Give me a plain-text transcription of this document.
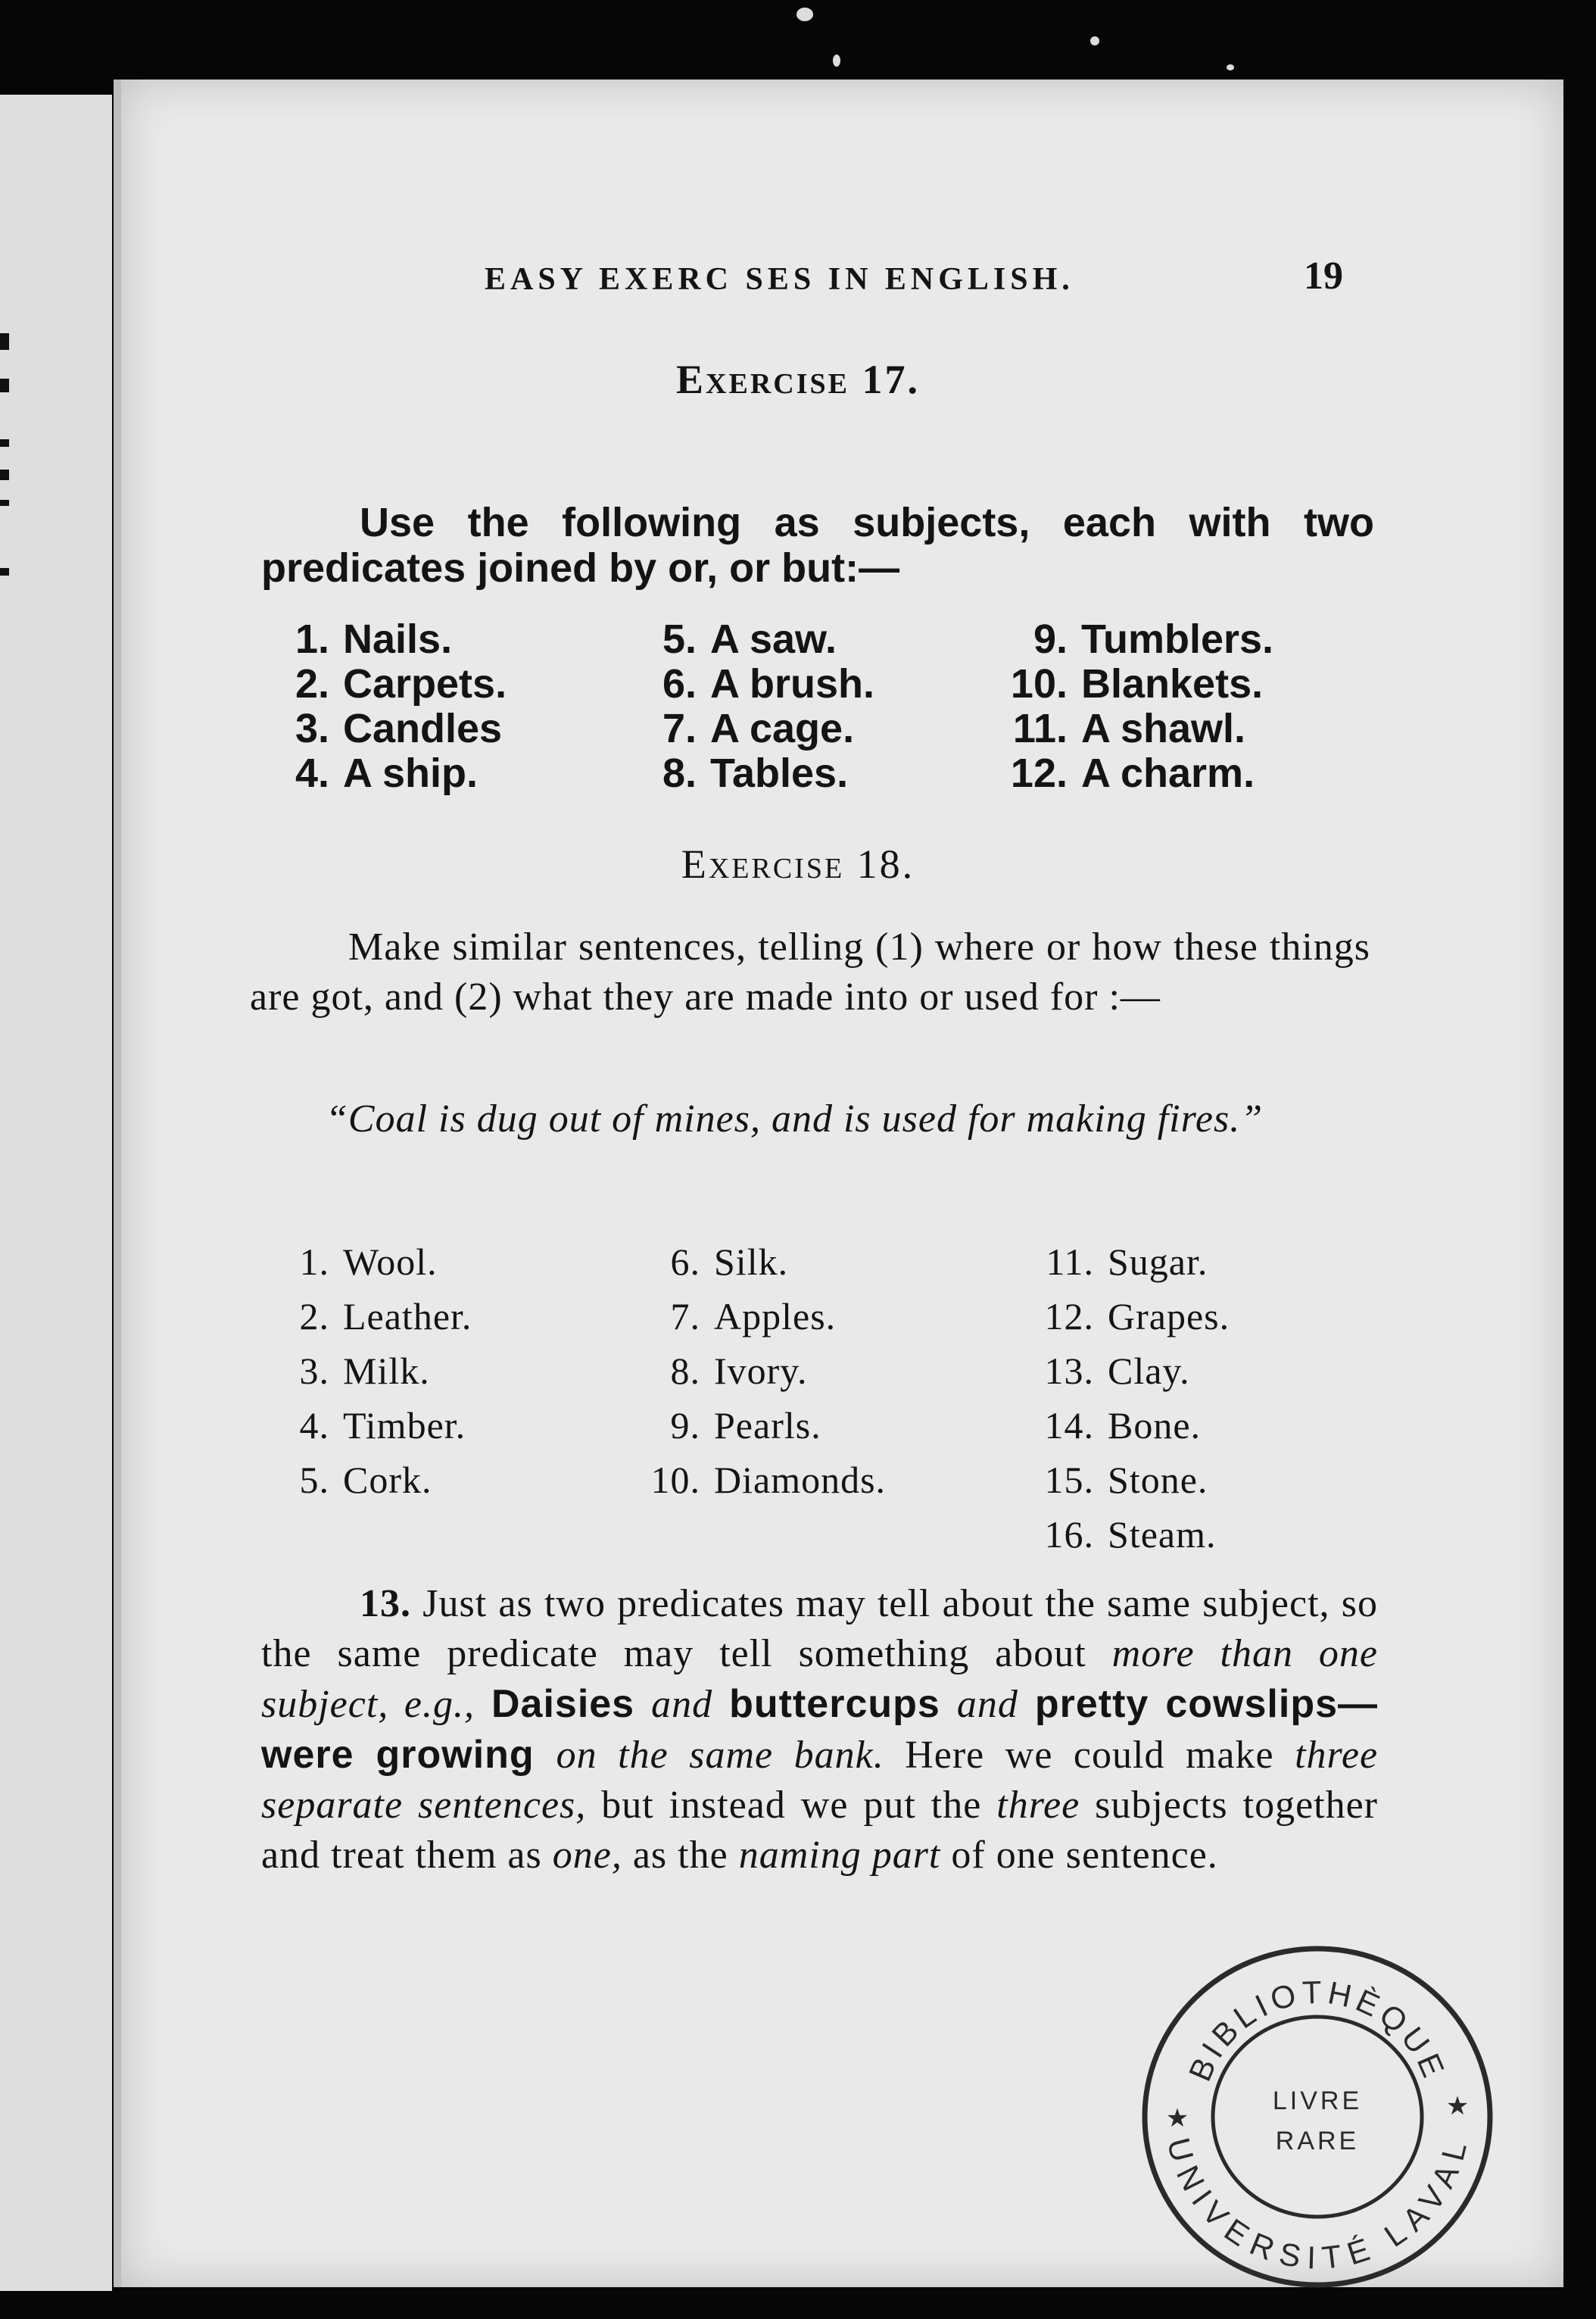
EASY EXERC SES IN ENGLISH.	19
Exercise 17.
Use the following as subjects, each with two predicates joined by or, or but:—
1. Nails.
2. Carpets.
3. Candles
4. A ship.
5. A saw.
6. A brush.
7. A cage.
8. Tables.
9. Tumblers.
10. Blankets.
11. A shawl.
12. A charm.
Exercise 18.
Make similar sentences, telling (1) where or how these things are got, and (2) what they are made into or used for :—
“Coal is dug out of mines, and is used for making fires.”
1. Wool.
2. Leather.
3. Milk.
4. Timber.
5. Cork.
6. Silk.
7. Apples.
8. Ivory.
9. Pearls.
10. Diamonds.
11. Sugar.
12. Grapes.
13. Clay.
14. Bone.
15. Stone.
16. Steam.
13. Just as two predicates may tell about the same subject, so the same predicate may tell something about more than one subject, e.g., Daisies and buttercups and pretty cowslips—were growing on the same bank. Here we could make three separate sentences, but instead we put the three subjects together and treat them as one, as the naming part of one sentence.
BIBLIOTHÈQUE
UNIVERSITÉ LAVAL
LIVRE
RARE
★	★
